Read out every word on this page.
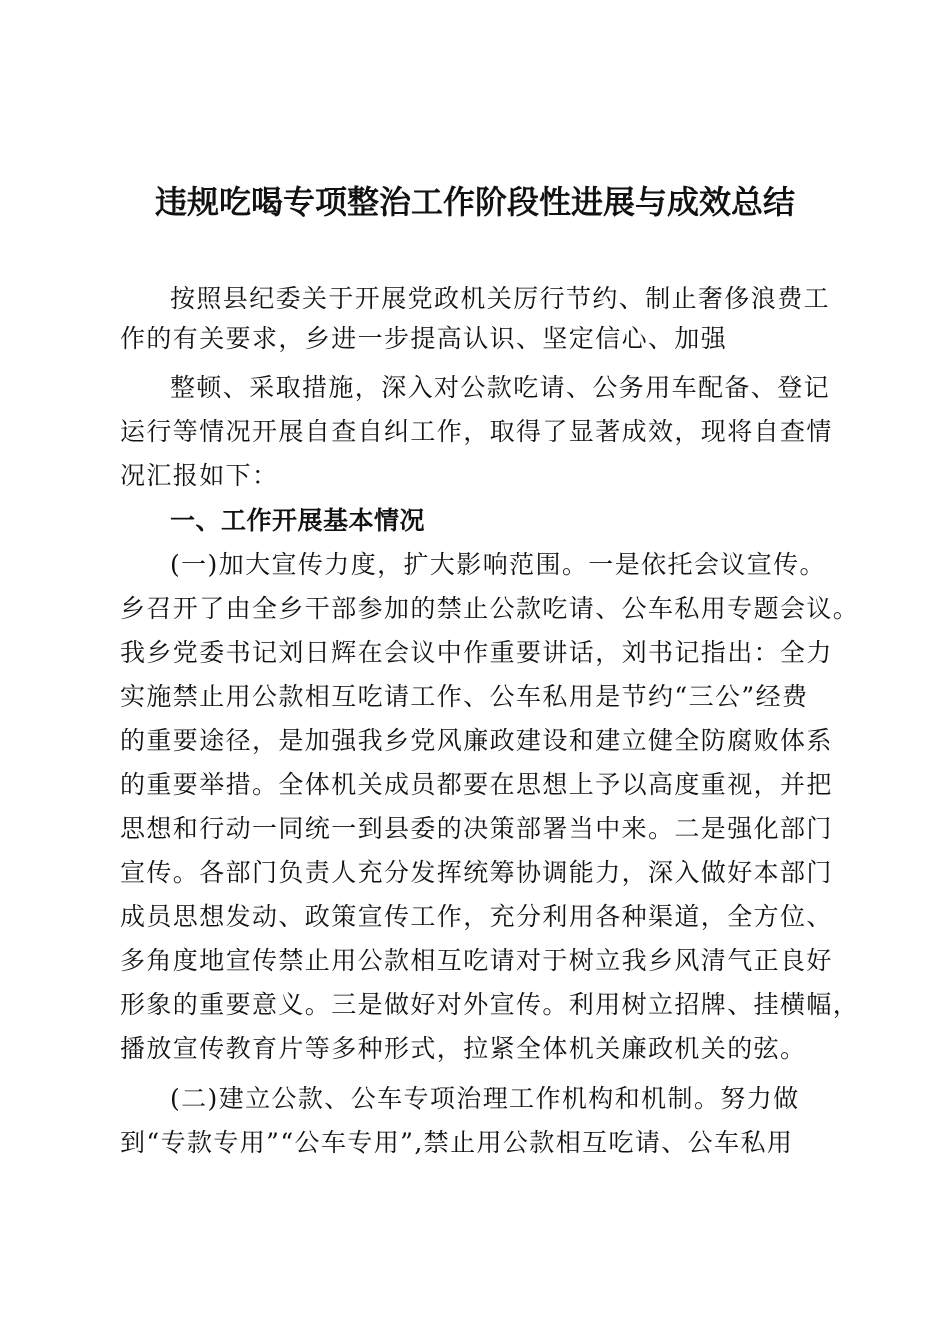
违规吃喝专项整治工作阶段性进展与成效总结

按照县纪委关于开展党政机关厉行节约、制止奢侈浪费工

作的有关要求，乡进一步提高认识、坚定信心、加强

整顿、采取措施，深入对公款吃请、公务用车配备、登记

运行等情况开展自查自纠工作，取得了显著成效，现将自查情

况汇报如下：

一、工作开展基本情况

(一)加大宣传力度，扩大影响范围。一是依托会议宣传。

乡召开了由全乡干部参加的禁止公款吃请、公车私用专题会议。

我乡党委书记刘日辉在会议中作重要讲话，刘书记指出：全力

实施禁止用公款相互吃请工作、公车私用是节约“三公”经费

的重要途径，是加强我乡党风廉政建设和建立健全防腐败体系

的重要举措。全体机关成员都要在思想上予以高度重视，并把

思想和行动一同统一到县委的决策部署当中来。二是强化部门

宣传。各部门负责人充分发挥统筹协调能力，深入做好本部门

成员思想发动、政策宣传工作，充分利用各种渠道，全方位、

多角度地宣传禁止用公款相互吃请对于树立我乡风清气正良好

形象的重要意义。三是做好对外宣传。利用树立招牌、挂横幅，

播放宣传教育片等多种形式，拉紧全体机关廉政机关的弦。

(二)建立公款、公车专项治理工作机构和机制。努力做

到“专款专用”“公车专用”,禁止用公款相互吃请、公车私用
